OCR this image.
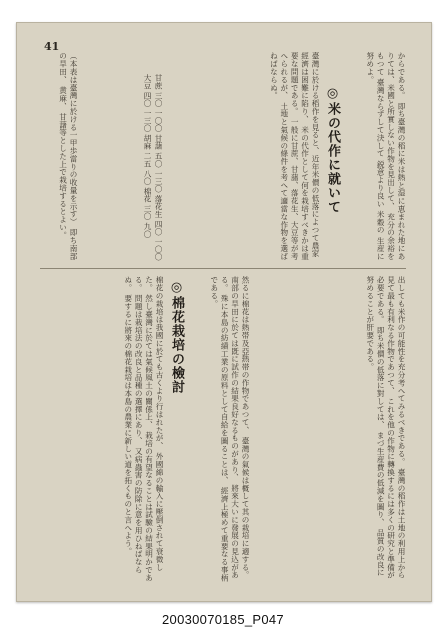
41
からである。 即ち臺灣の稻に米は熱と湿に恵まれた地にあ りては、米國と所實しない作物を見出して、 充分の余裕をもつて 臺灣ならずして決して 鋭意より良い 米穀の 生産に努めよ。
◎米の代作に就いて
臺灣に於ける稻作を見ると、近年米價の低落によつて農家經濟は困難に陷り、 米の代作として何を栽培すべきかは重要な問題である。 一般に甘蔗、甘藷、落花生、大豆等が考へられるが、 土地と氣候の條件を考へて適當な作物を選ばねばならぬ。
甘蔗 三〇 一〇〇 甘藷 五〇 一三〇 落花生 四〇 一〇〇 大豆 四〇 一三〇 胡麻 二五 八〇 棉花 三〇 九〇
（本表は臺灣に於ける一甲歩當りの收量を示す） 即ち南部の旱田、 黄麻、 甘藷等とした上で栽培するとよい。
出しても米作の可能性を充分考へてみるべきである。 臺灣の稻作は土地の利用上から見て最も有利なる作物であつて、 これを他の作物に轉換するには多くの研究と準備が必要である。 即ち米價の低落に對しては、 まづ生産費の低減を圖り、 品質の改良に努めることが肝要である。
然るに棉花は熱帯及亞熱帯の作物であつて、 臺灣の氣候は概して其の栽培に適する。 南部の旱田に於ては既に試作の結果良好なるものがあり、 將來大いに發展の見込がある。 殊に本島の紡績工業の原料として自給を圖ることは、 經濟上極めて重要なる事柄である。
◎棉花栽培の檢討
棉花の栽培は我國に於ても古くより行はれたが、 外國綿の輸入に壓倒されて衰微した。 然し臺灣に於ては氣候風土の關係上、 栽培の有望なることは試驗の結果明かである。 問題は栽培法の改良と品種の選擇にあり、 又病蟲害の防除に意を用ひねばならぬ。 要するに將來の棉花栽培は本島の農業に新しい道を拓くものと言へよう。
20030070185_P047
